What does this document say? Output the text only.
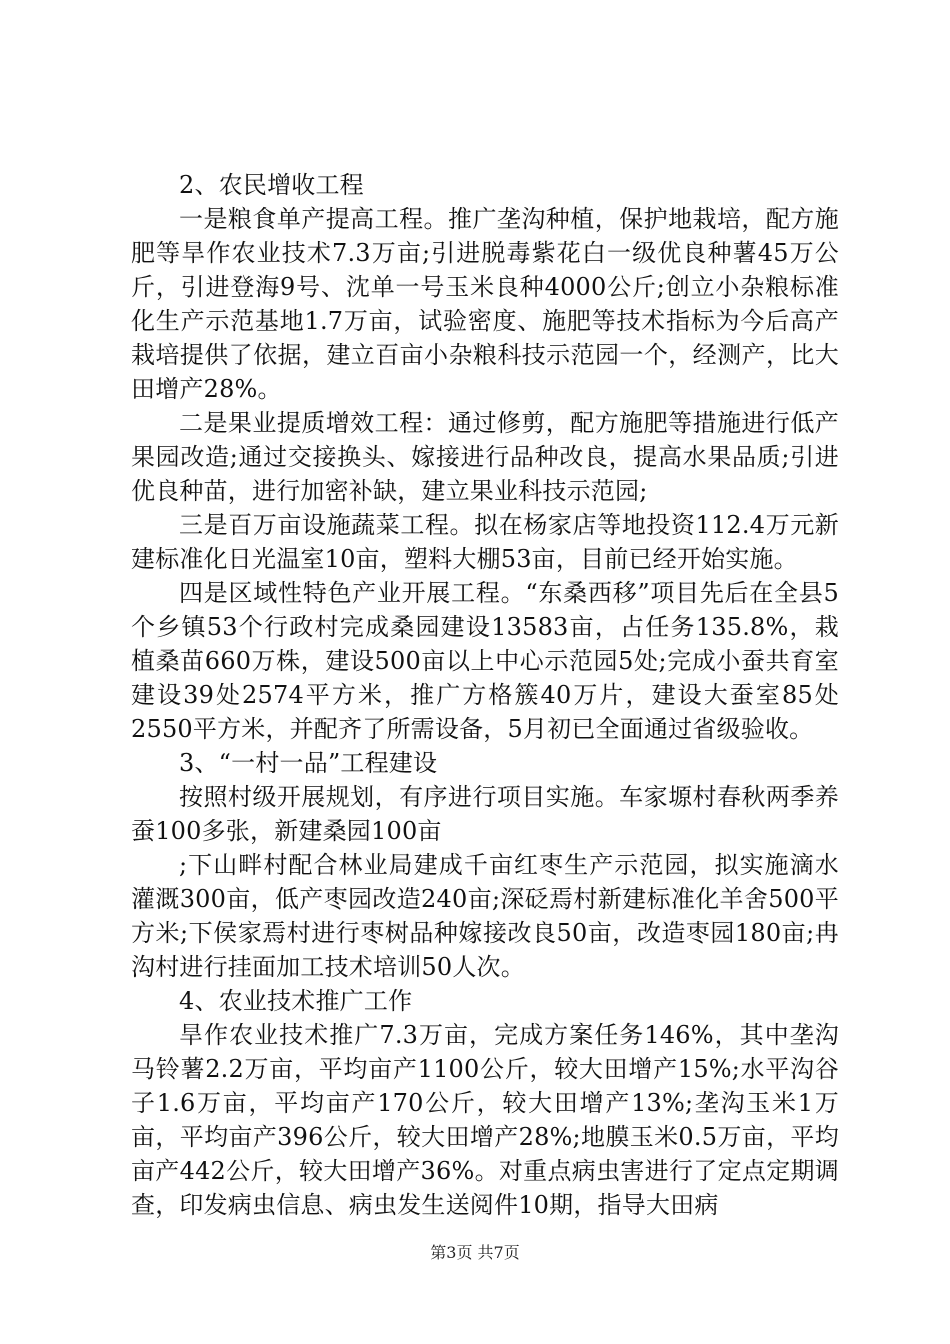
2、农民增收工程

一是粮食单产提高工程。推广垄沟种植，保护地栽培，配方施肥等旱作农业技术7.3万亩;引进脱毒紫花白一级优良种薯45万公斤，引进登海9号、沈单一号玉米良种4000公斤;创立小杂粮标准化生产示范基地1.7万亩，试验密度、施肥等技术指标为今后高产栽培提供了依据，建立百亩小杂粮科技示范园一个，经测产，比大田增产28%。

二是果业提质增效工程：通过修剪，配方施肥等措施进行低产果园改造;通过交接换头、嫁接进行品种改良，提高水果品质;引进优良种苗，进行加密补缺，建立果业科技示范园;

三是百万亩设施蔬菜工程。拟在杨家店等地投资112.4万元新建标准化日光温室10亩，塑料大棚53亩，目前已经开始实施。

四是区域性特色产业开展工程。“东桑西移”项目先后在全县5个乡镇53个行政村完成桑园建设13583亩，占任务135.8%，栽植桑苗660万株，建设500亩以上中心示范园5处;完成小蚕共育室建设39处2574平方米，推广方格簇40万片，建设大蚕室85处2550平方米，并配齐了所需设备，5月初已全面通过省级验收。

3、“一村一品”工程建设

按照村级开展规划，有序进行项目实施。车家塬村春秋两季养蚕100多张，新建桑园100亩

;下山畔村配合林业局建成千亩红枣生产示范园，拟实施滴水灌溉300亩，低产枣园改造240亩;深砭焉村新建标准化羊舍500平方米;下侯家焉村进行枣树品种嫁接改良50亩，改造枣园180亩;冉沟村进行挂面加工技术培训50人次。

4、农业技术推广工作

旱作农业技术推广7.3万亩，完成方案任务146%，其中垄沟马铃薯2.2万亩，平均亩产1100公斤，较大田增产15%;水平沟谷子1.6万亩，平均亩产170公斤，较大田增产13%;垄沟玉米1万亩，平均亩产396公斤，较大田增产28%;地膜玉米0.5万亩，平均亩产442公斤，较大田增产36%。对重点病虫害进行了定点定期调查，印发病虫信息、病虫发生送阅件10期，指导大田病

第3页 共7页
